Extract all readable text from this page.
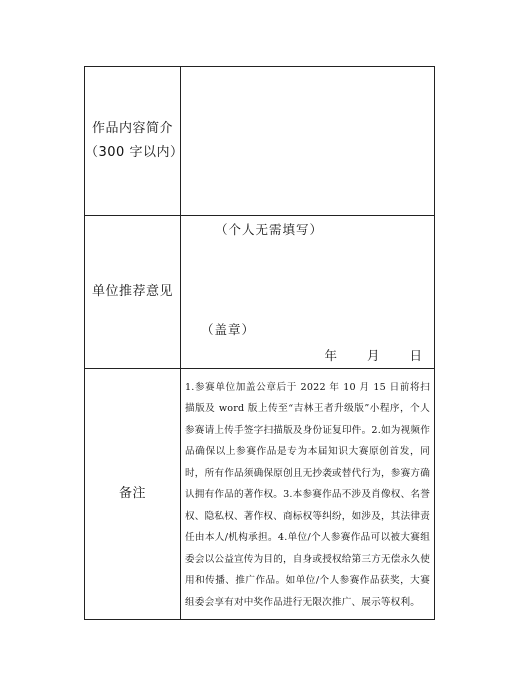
作品内容简介
（300 字以内）	

单位推荐意见	（个人无需填写）
（盖章）
年 月 日

备注	1.参赛单位加盖公章后于 2022 年 10 月 15 日前将扫描版及 word 版上传至“吉林王者升级版”小程序，个人参赛请上传手签字扫描版及身份证复印件。2.如为视频作品确保以上参赛作品是专为本届知识大赛原创首发，同时，所有作品须确保原创且无抄袭或替代行为，参赛方确认拥有作品的著作权。3.本参赛作品不涉及肖像权、名誉权、隐私权、著作权、商标权等纠纷，如涉及，其法律责任由本人/机构承担。4.单位/个人参赛作品可以被大赛组委会以公益宣传为目的，自身或授权给第三方无偿永久使用和传播、推广作品。如单位/个人参赛作品获奖，大赛组委会享有对中奖作品进行无限次推广、展示等权利。
